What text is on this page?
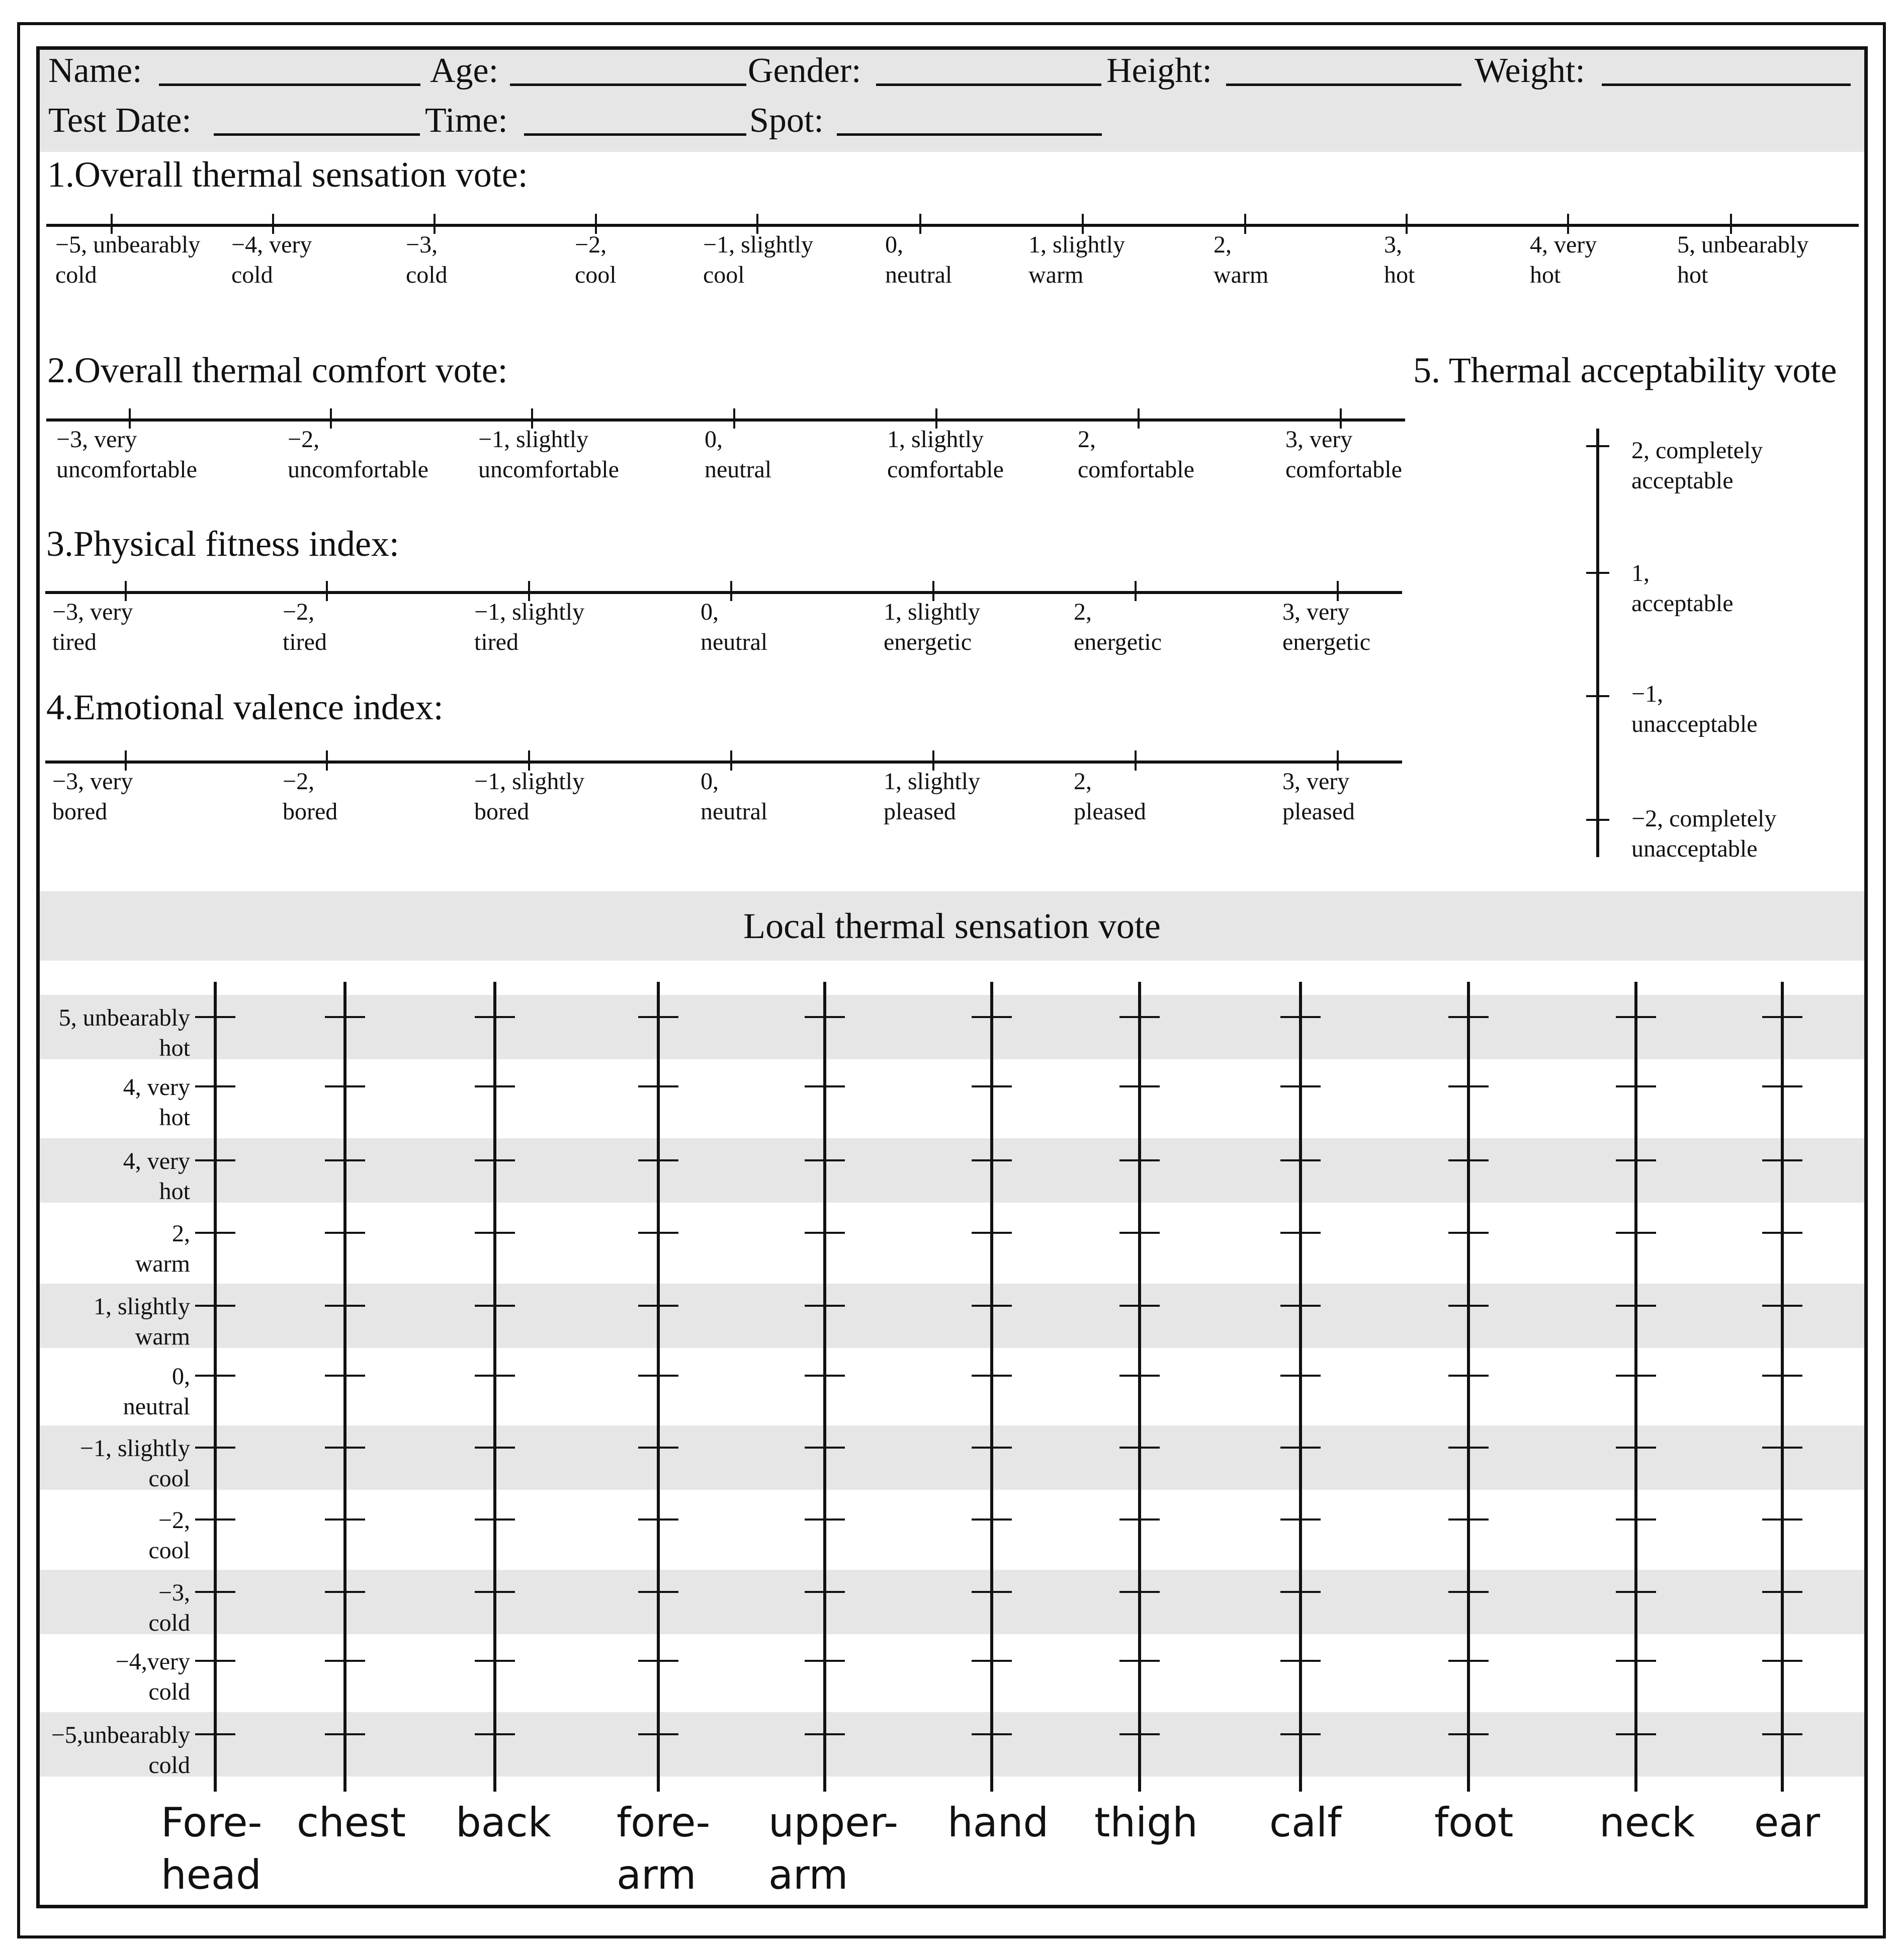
Name:	Age:	Gender:	Height:	Weight:
Test Date:	Time:	Spot:
1.Overall thermal sensation vote:
−5, unbearably
cold
−4, very
cold
−3,
cold
−2,
cool
−1, slightly
cool
0,
neutral
1, slightly
warm
2,
warm
3,
hot
4, very
hot
5, unbearably
hot
2.Overall thermal comfort vote:
−3, very
uncomfortable
−2,
uncomfortable
−1, slightly
uncomfortable
0,
neutral
1, slightly
comfortable
2,
comfortable
3, very
comfortable
3.Physical fitness index:
−3, very
tired
−2,
tired
−1, slightly
tired
0,
neutral
1, slightly
energetic
2,
energetic
3, very
energetic
4.Emotional valence index:
−3, very
bored
−2,
bored
−1, slightly
bored
0,
neutral
1, slightly
pleased
2,
pleased
3, very
pleased
5. Thermal acceptability vote
2, completely
acceptable
1,
acceptable
−1,
unacceptable
−2, completely
unacceptable
Local thermal sensation vote
Fore-
head
chest back fore-
arm
upper-
arm
hand thigh calf foot neck ear
5, unbearably
hot
4, very
hot
4, very
hot
2,
warm
1, slightly
warm
0,
neutral
−1, slightly
cool
−2,
cool
−3,
cold
−4,very
cold
−5,unbearably
cold
